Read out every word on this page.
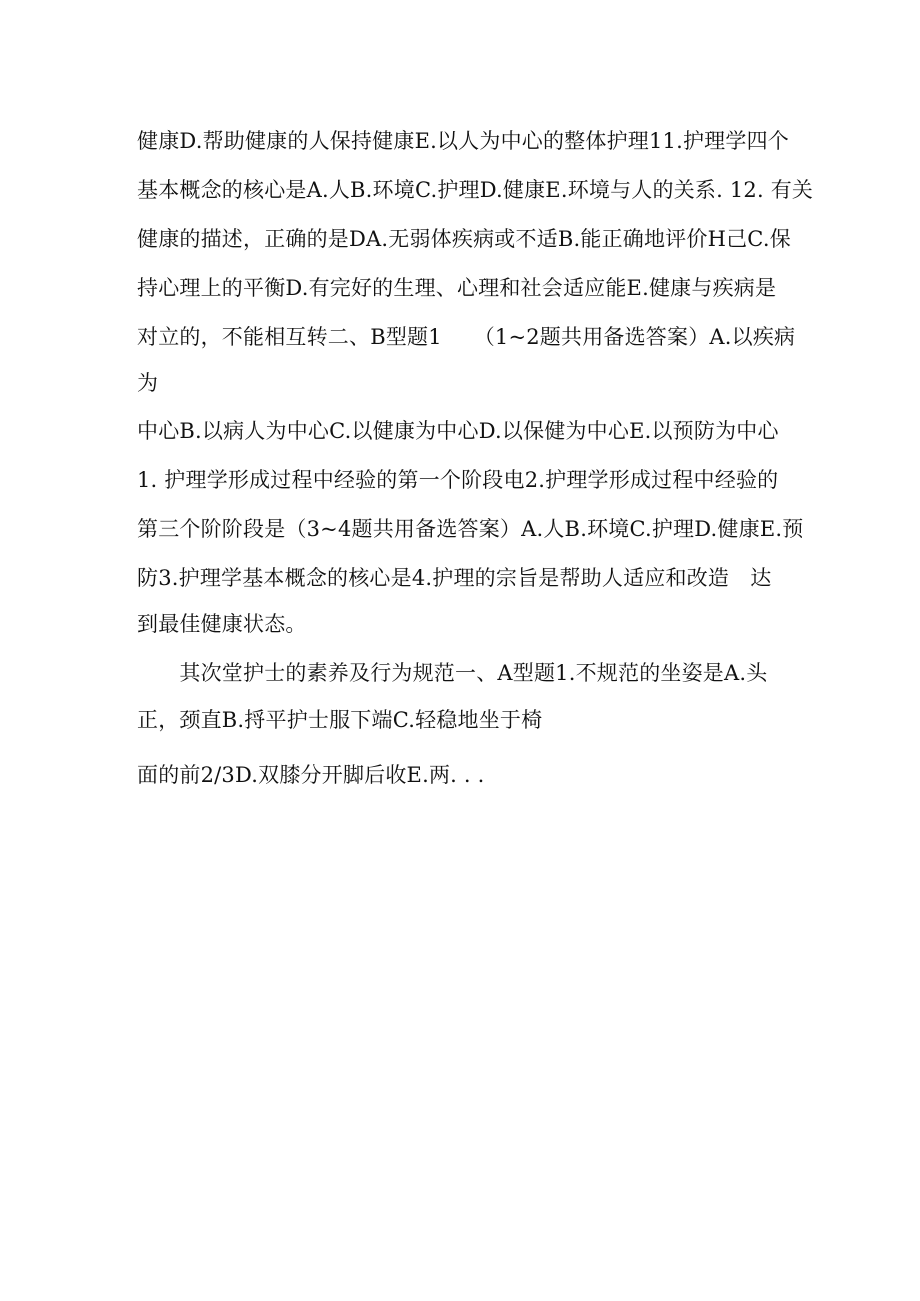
健康D.帮助健康的人保持健康E.以人为中心的整体护理11.护理学四个
基本概念的核心是A.人B.环境C.护理D.健康E.环境与人的关系. 12. 有关
健康的描述，正确的是DA.无弱体疾病或不适B.能正确地评价H己C.保
持心理上的平衡D.有完好的生理、心理和社会适应能E.健康与疾病是
对立的，不能相互转二、B型题1　　（1~2题共用备选答案）A.以疾病
为
中心B.以病人为中心C.以健康为中心D.以保健为中心E.以预防为中心
1. 护理学形成过程中经验的第一个阶段电2.护理学形成过程中经验的
第三个阶阶段是（3~4题共用备选答案）A.人B.环境C.护理D.健康E.预
防3.护理学基本概念的核心是4.护理的宗旨是帮助人适应和改造　达
到最佳健康状态。
　　其次堂护士的素养及行为规范一、A型题1.不规范的坐姿是A.头
正，颈直B.捋平护士服下端C.轻稳地坐于椅
面的前2/3D.双膝分开脚后收E.两. . .
